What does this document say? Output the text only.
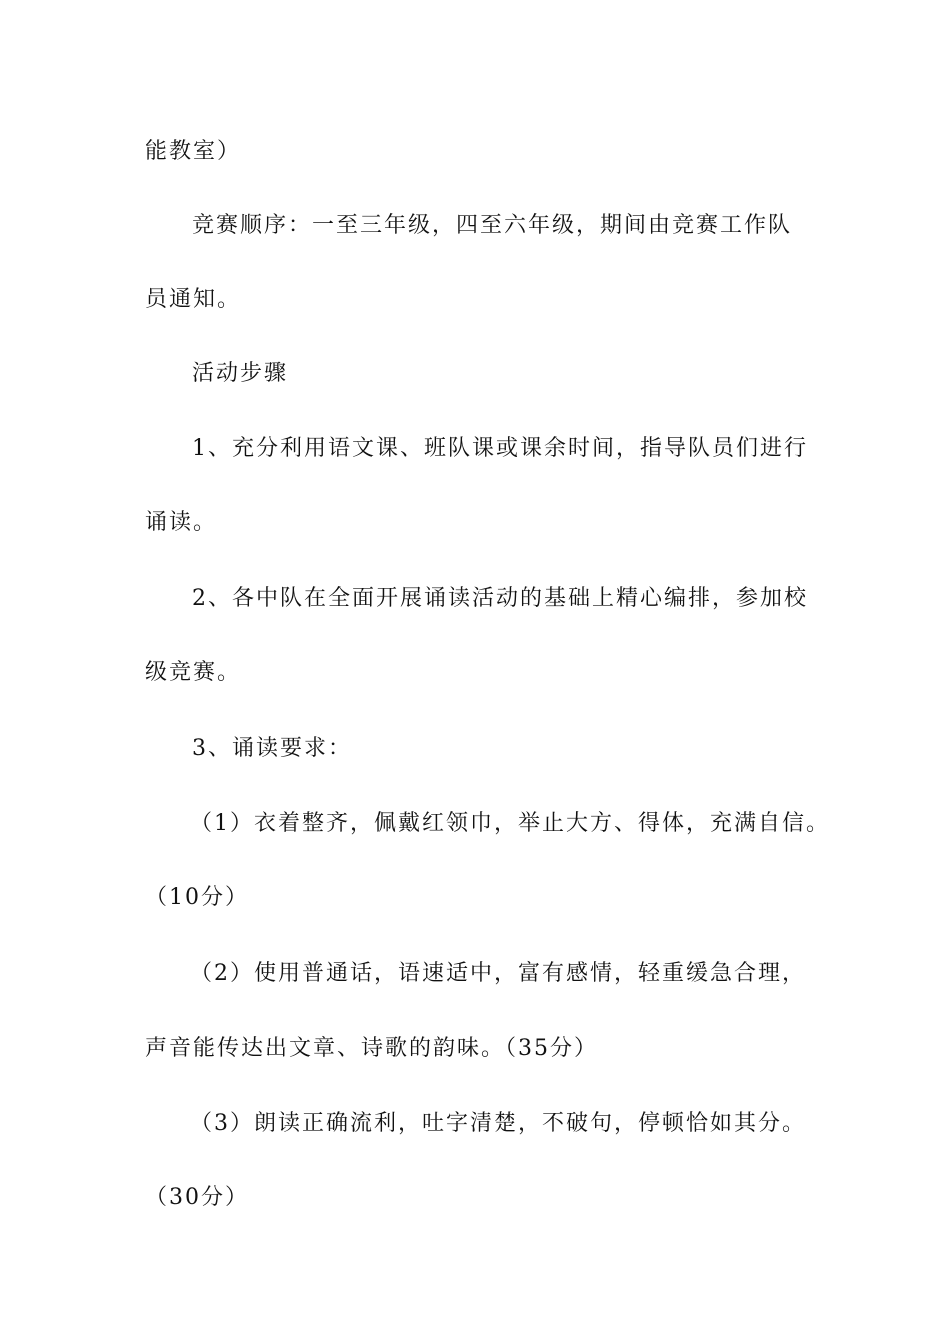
能教室）
竞赛顺序：一至三年级，四至六年级，期间由竞赛工作队
员通知。
活动步骤
1、充分利用语文课、班队课或课余时间，指导队员们进行
诵读。
2、各中队在全面开展诵读活动的基础上精心编排，参加校
级竞赛。
3、诵读要求：
（1）衣着整齐，佩戴红领巾，举止大方、得体，充满自信。
（10分）
（2）使用普通话，语速适中，富有感情，轻重缓急合理，
声音能传达出文章、诗歌的韵味。（35分）
（3）朗读正确流利，吐字清楚，不破句，停顿恰如其分。
（30分）
